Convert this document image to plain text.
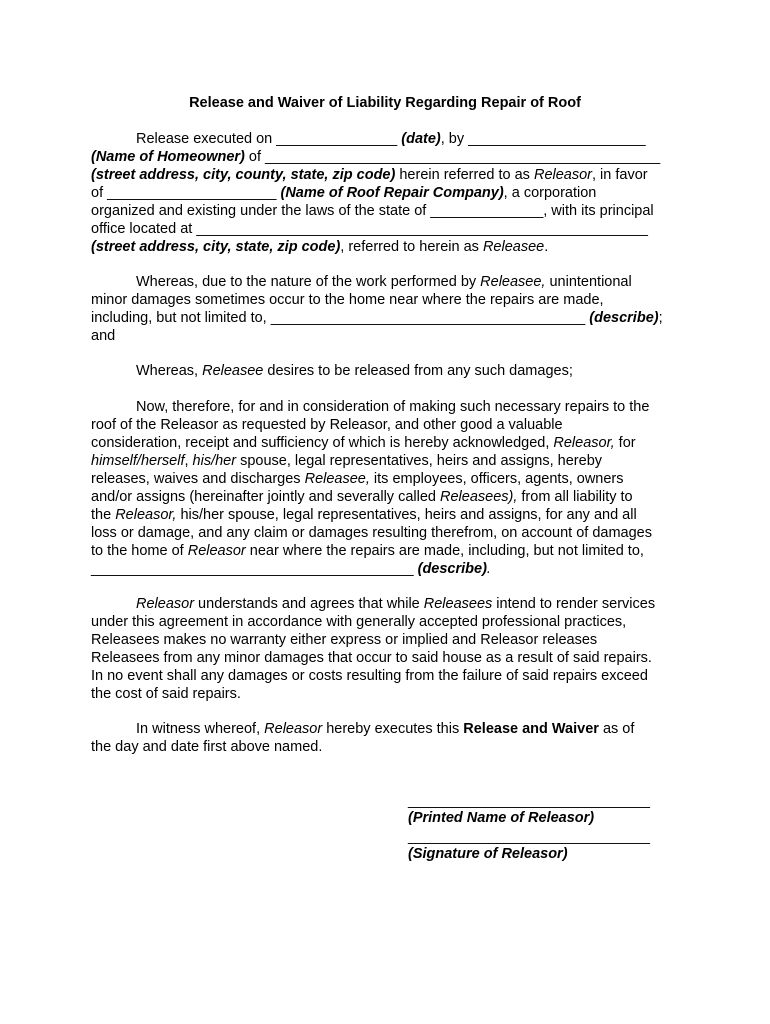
Release and Waiver of Liability Regarding Repair of Roof
Release executed on _______________ (date), by ______________________
(Name of Homeowner) of _________________________________________________
(street address, city, county, state, zip code) herein referred to as Releasor, in favor
of _____________________ (Name of Roof Repair Company), a corporation
organized and existing under the laws of the state of ______________, with its principal
office located at ________________________________________________________
(street address, city, state, zip code), referred to herein as Releasee.
Whereas, due to the nature of the work performed by Releasee, unintentional
minor damages sometimes occur to the home near where the repairs are made,
including, but not limited to, _______________________________________ (describe);
and
Whereas, Releasee desires to be released from any such damages;
Now, therefore, for and in consideration of making such necessary repairs to the
roof of the Releasor as requested by Releasor, and other good a valuable
consideration, receipt and sufficiency of which is hereby acknowledged, Releasor, for
himself/herself, his/her spouse, legal representatives, heirs and assigns, hereby
releases, waives and discharges Releasee, its employees, officers, agents, owners
and/or assigns (hereinafter jointly and severally called Releasees), from all liability to
the Releasor, his/her spouse, legal representatives, heirs and assigns, for any and all
loss or damage, and any claim or damages resulting therefrom, on account of damages
to the home of Releasor near where the repairs are made, including, but not limited to,
________________________________________ (describe).
Releasor understands and agrees that while Releasees intend to render services
under this agreement in accordance with generally accepted professional practices,
Releasees makes no warranty either express or implied and Releasor releases
Releasees from any minor damages that occur to said house as a result of said repairs.
In no event shall any damages or costs resulting from the failure of said repairs exceed
the cost of said repairs.
In witness whereof, Releasor hereby executes this Release and Waiver as of
the day and date first above named.
______________________________
(Printed Name of Releasor)
______________________________
(Signature of Releasor)
